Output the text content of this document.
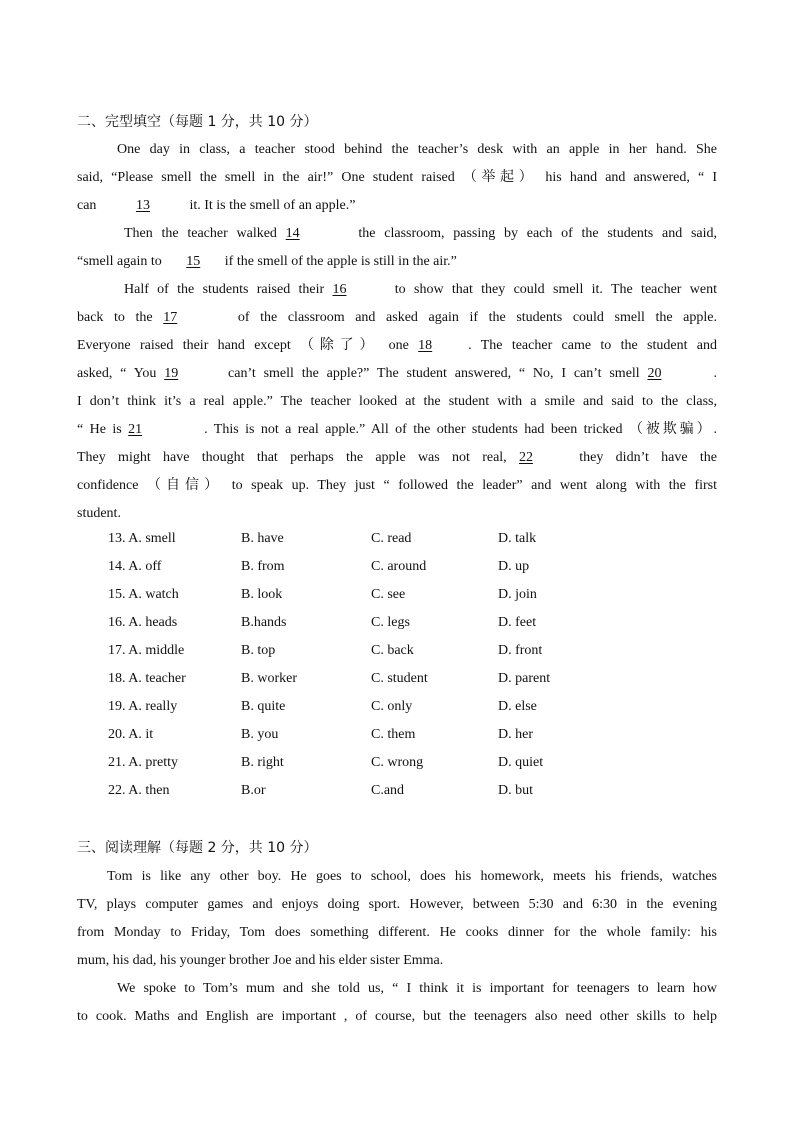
二、完型填空（每题 1 分，共 10 分）
One day in class, a teacher stood behind the teacher’s desk with an apple in her hand. She
said, “Please smell the smell in the air!” One student raised （举起） his hand and answered, “ I
can	13	it. It is the smell of an apple.”
Then the teacher walked 14	the classroom, passing by each of the students and said,
“smell again to 15 if the smell of the apple is still in the air.”
Half of the students raised their 16	to show that they could smell it. The teacher went
back to the 17	of the classroom and asked again if the students could smell the apple.
Everyone raised their hand except （除了） one 18	. The teacher came to the student and
asked, “ You 19	can’t smell the apple?” The student answered, “ No, I can’t smell 20	.
I don’t think it’s a real apple.” The teacher looked at the student with a smile and said to the class,
“ He is 21	. This is not a real apple.” All of the other students had been tricked （被欺骗）.
They might have thought that perhaps the apple was not real, 22 they didn’t have the
confidence （自信） to speak up. They just “ followed the leader” and went along with the first
student.
13. A. smell	B. have	C. read	D. talk
14. A. off	B. from	C. around	D. up
15. A. watch	B. look	C. see	D. join
16. A. heads	B.hands	C. legs	D. feet
17. A. middle	B. top	C. back	D. front
18. A. teacher	B. worker	C. student	D. parent
19. A. really	B. quite	C. only	D. else
20. A. it	B. you	C. them	D. her
21. A. pretty	B. right	C. wrong	D. quiet
22. A. then	B.or	C.and	D. but
三、阅读理解（每题 2 分，共 10 分）
Tom is like any other boy. He goes to school, does his homework, meets his friends, watches
TV, plays computer games and enjoys doing sport. However, between 5:30 and 6:30 in the evening
from Monday to Friday, Tom does something different. He cooks dinner for the whole family: his
mum, his dad, his younger brother Joe and his elder sister Emma.
We spoke to Tom’s mum and she told us, “ I think it is important for teenagers to learn how
to cook. Maths and English are important , of course, but the teenagers also need other skills to help
